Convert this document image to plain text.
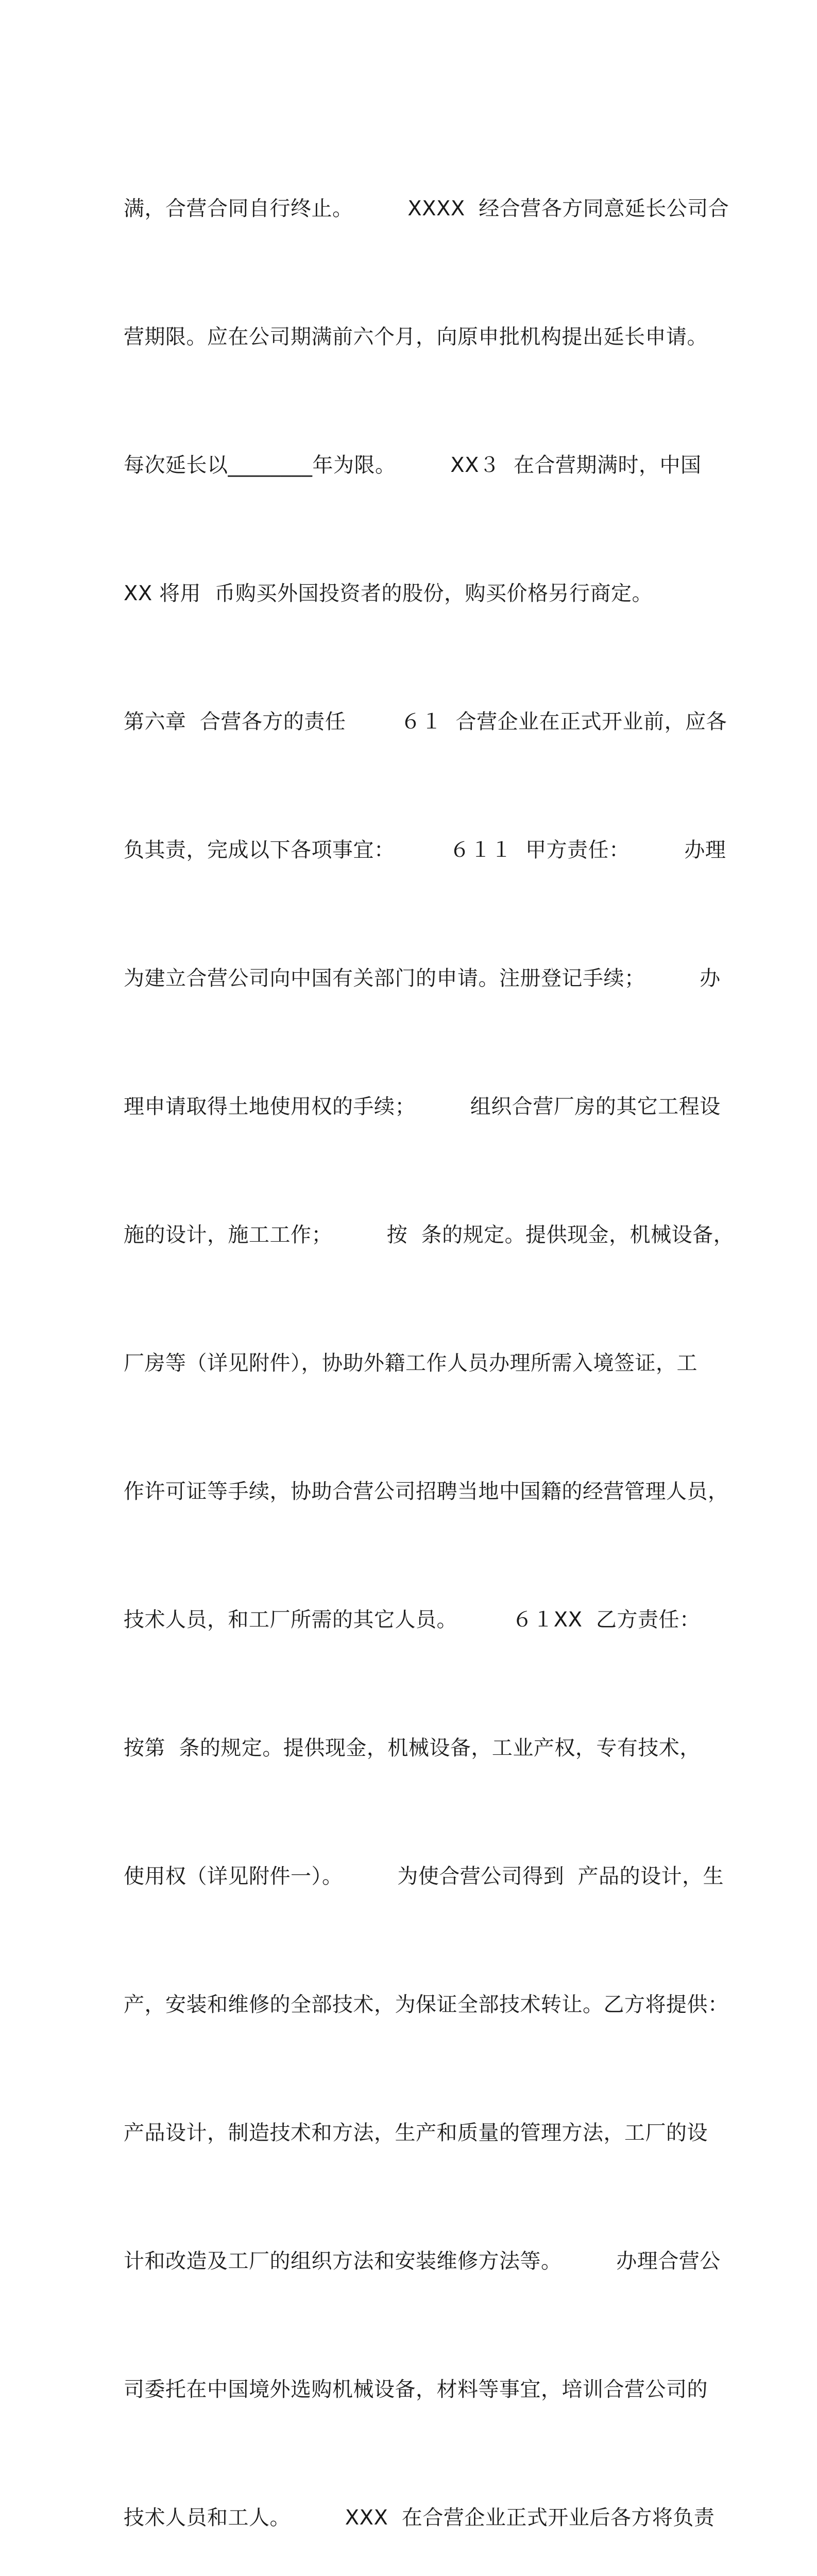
满，合营合同自行终止。        XXXX  经合营各方同意延长公司合

营期限。应在公司期满前六个月，向原申批机构提出延长申请。

每次延长以________年为限。        XX３  在合营期满时，中国

XX 将用  币购买外国投资者的股份，购买价格另行商定。

第六章  合营各方的责任        ６１  合营企业在正式开业前，应各

负其责，完成以下各项事宜：        ６１１  甲方责任：        办理

为建立合营公司向中国有关部门的申请。注册登记手续；        办

理申请取得土地使用权的手续；        组织合营厂房的其它工程设

施的设计，施工工作；        按  条的规定。提供现金，机械设备，

厂房等（详见附件），协助外籍工作人员办理所需入境签证，工

作许可证等手续，协助合营公司招聘当地中国籍的经营管理人员，

技术人员，和工厂所需的其它人员。        ６１XX  乙方责任：

按第  条的规定。提供现金，机械设备，工业产权，专有技术，

使用权（详见附件一）。        为使合营公司得到  产品的设计，生

产，安装和维修的全部技术，为保证全部技术转让。乙方将提供：

产品设计，制造技术和方法，生产和质量的管理方法，工厂的设

计和改造及工厂的组织方法和安装维修方法等。        办理合营公

司委托在中国境外选购机械设备，材料等事宜，培训合营公司的

技术人员和工人。        XXX  在合营企业正式开业后各方将负责
